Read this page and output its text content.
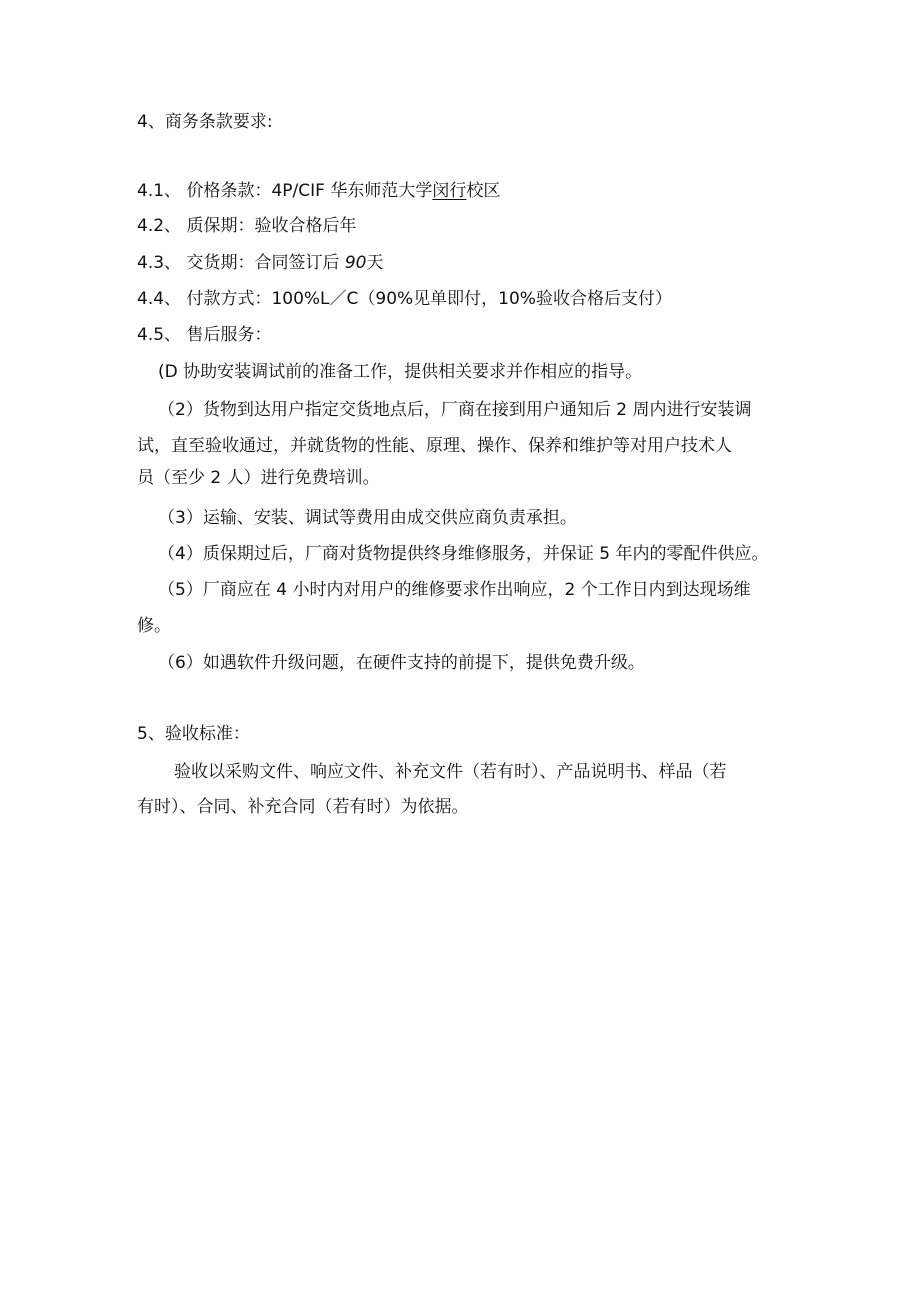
4、商务条款要求:
4.1、 价格条款：4P/CIF 华东师范大学闵行校区
4.2、 质保期：验收合格后年
4.3、 交货期：合同签订后 90天
4.4、 付款方式：100%L／C（90%见单即付，10%验收合格后支付）
4.5、 售后服务：
(D 协助安装调试前的准备工作，提供相关要求并作相应的指导。
（2）货物到达用户指定交货地点后，厂商在接到用户通知后 2 周内进行安装调
试，直至验收通过，并就货物的性能、原理、操作、保养和维护等对用户技术人
员（至少 2 人）进行免费培训。
（3）运输、安装、调试等费用由成交供应商负责承担。
（4）质保期过后，厂商对货物提供终身维修服务，并保证 5 年内的零配件供应。
（5）厂商应在 4 小时内对用户的维修要求作出响应，2 个工作日内到达现场维
修。
（6）如遇软件升级问题，在硬件支持的前提下，提供免费升级。
5、验收标准：
验收以采购文件、响应文件、补充文件（若有时）、产品说明书、样品（若
有时）、合同、补充合同（若有时）为依据。
